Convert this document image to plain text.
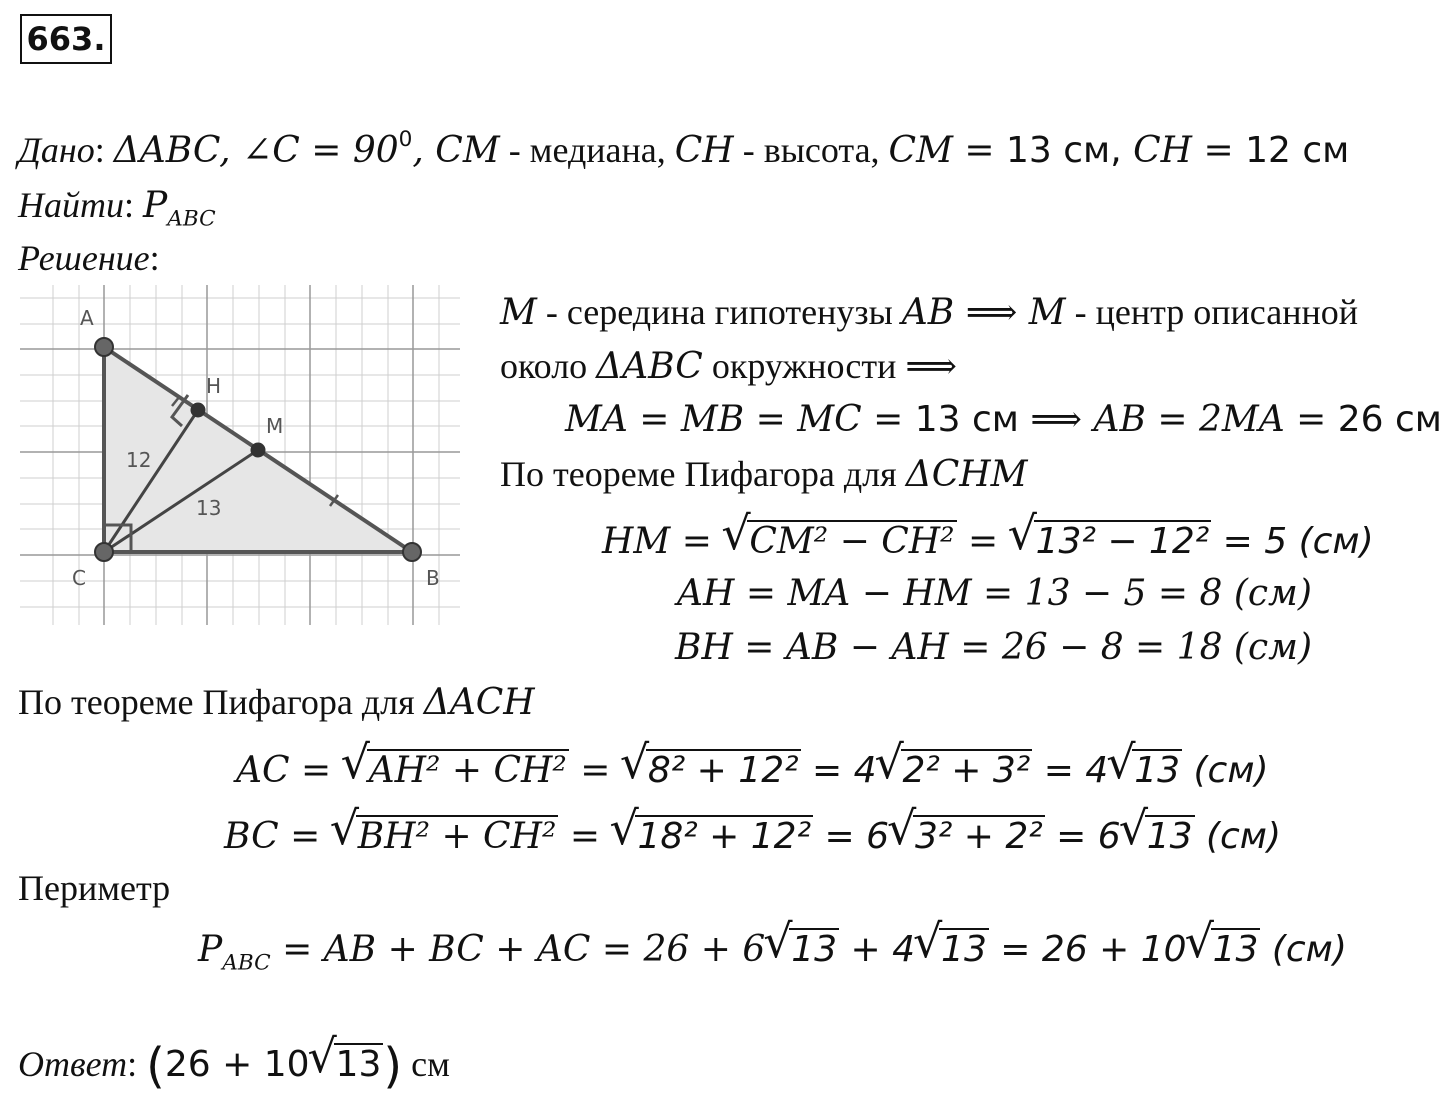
663.
Дано: ΔABC, ∠C = $90^0$, CM - медиана, CH - высота, CM = 13 см, CH = 12 см
Найти: $P_{ABC}$
Решение:
A
H
M
C	B
12
13
M - середина гипотенузы AB ⟹ M - центр описанной
около ΔABC окружности ⟹
MA = MB = MC = 13 см ⟹ AB = 2MA = 26 см
По теореме Пифагора для ΔCHM
HM = √ CM² − CH² = √ 13² − 12² = 5 (см)
AH = MA − HM = 13 − 5 = 8 (см)
BH = AB − AH = 26 − 8 = 18 (см)
По теореме Пифагора для ΔACH
AC = √ AH² + CH² = √ 8² + 12² = 4 √ 2² + 3² = 4 √ 13 (см)
BC = √ BH² + CH² = √ 18² + 12² = 6 √ 3² + 2² = 6 √ 13 (см)
Периметр
$P_{ABC}$ = AB + BC + AC = 26 + 6 √ 13 + 4 √ 13 = 26 + 10 √ 13 (см)
Ответ: (26 + 10 √ 13) см
